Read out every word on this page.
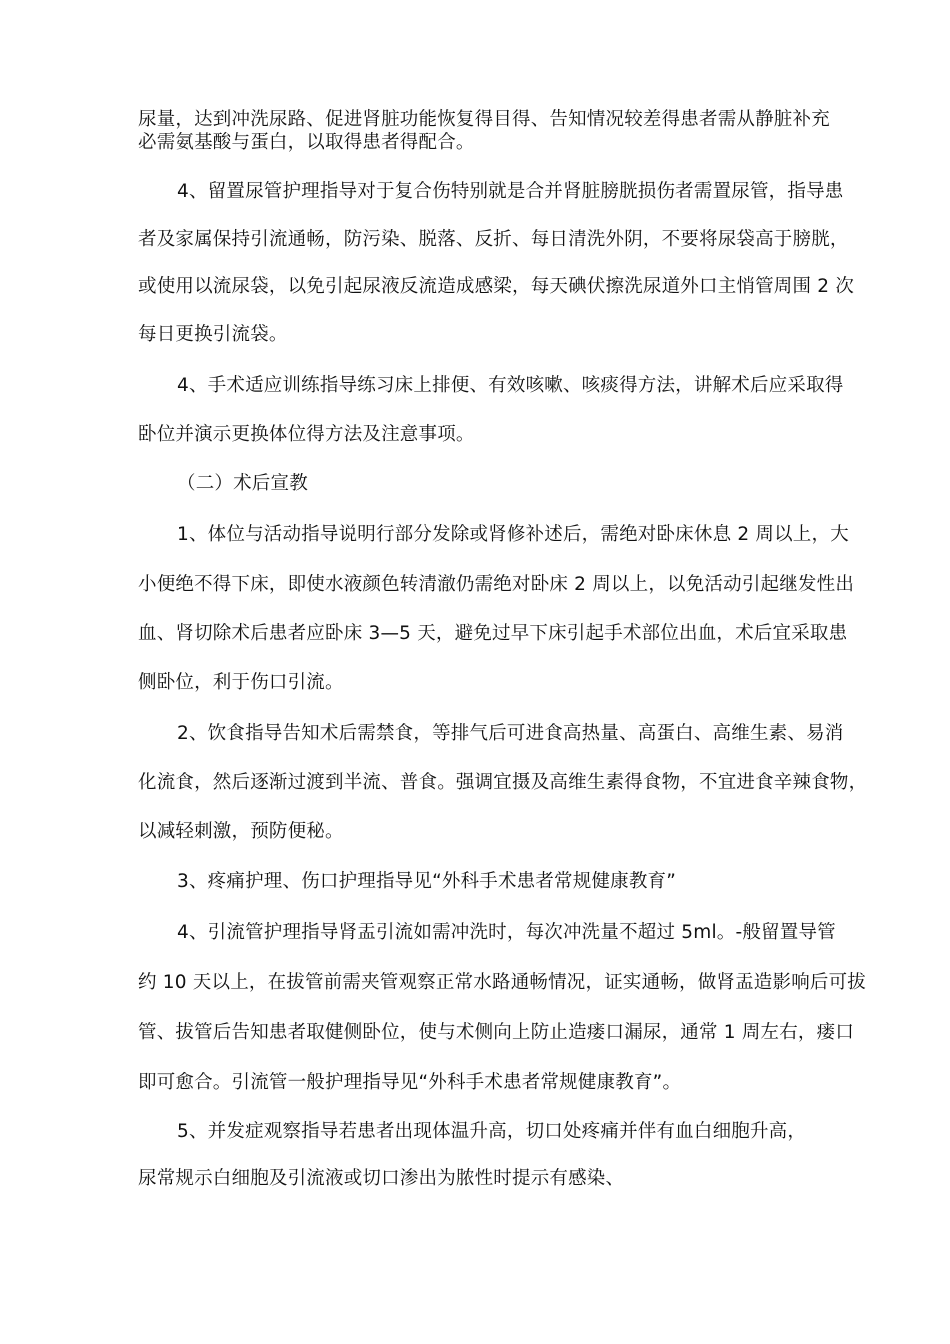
尿量，达到冲洗尿路、促进肾脏功能恢复得目得、告知情况较差得患者需从静脏补充
必需氨基酸与蛋白，以取得患者得配合。
4、留置尿管护理指导对于复合伤特别就是合并肾脏膀胱损伤者需置尿管，指导患
者及家属保持引流通畅，防污染、脱落、反折、每日清洗外阴，不要将尿袋高于膀胱，
或使用以流尿袋，以免引起尿液反流造成感梁，每天碘伏擦洗尿道外口主悄管周围 2 次
每日更换引流袋。
4、手术适应训练指导练习床上排便、有效咳嗽、咳痰得方法，讲解术后应采取得
卧位并演示更换体位得方法及注意事项。
（二）术后宣教
1、体位与活动指导说明行部分发除或肾修补述后，需绝对卧床休息 2 周以上，大
小便绝不得下床，即使水液颜色转清澈仍需绝对卧床 2 周以上，以免活动引起继发性出
血、肾切除术后患者应卧床 3—5 天，避免过早下床引起手术部位出血，术后宜采取患
侧卧位，利于伤口引流。
2、饮食指导告知术后需禁食，等排气后可进食高热量、高蛋白、高维生素、易消
化流食，然后逐渐过渡到半流、普食。强调宜摄及高维生素得食物，不宜进食辛辣食物，
以减轻刺激，预防便秘。
3、疼痛护理、伤口护理指导见“外科手术患者常规健康教育”
4、引流管护理指导肾盂引流如需冲洗时，每次冲洗量不超过 5ml。-般留置导管
约 10 天以上，在拔管前需夹管观察正常水路通畅情况，证实通畅，做肾盂造影响后可拔
管、拔管后告知患者取健侧卧位，使与术侧向上防止造瘘口漏尿，通常 1 周左右，瘘口
即可愈合。引流管一般护理指导见“外科手术患者常规健康教育”。
5、并发症观察指导若患者出现体温升高，切口处疼痛并伴有血白细胞升高，
尿常规示白细胞及引流液或切口渗出为脓性时提示有感染、
